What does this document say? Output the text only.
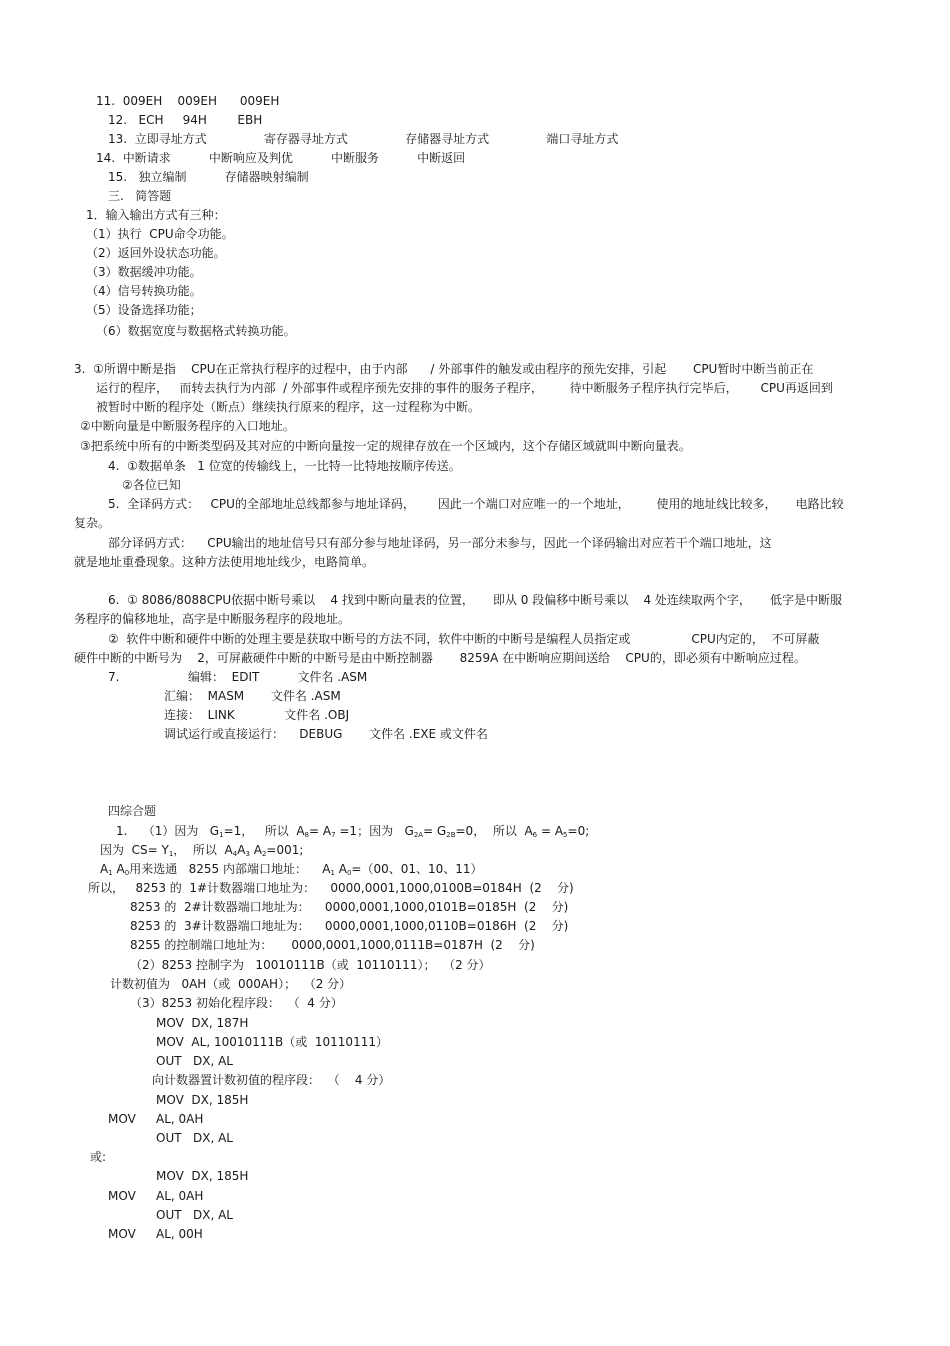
11.  009EH    009EH      009EH
12.   ECH     94H        EBH
13.  立即寻址方式               寄存器寻址方式               存储器寻址方式               端口寻址方式
14.  中断请求          中断响应及判优          中断服务          中断返回
15.   独立编制          存储器映射编制
三.   简答题
1．输入输出方式有三种：
（1）执行  CPU命令功能。
（2）返回外设状态功能。
（3）数据缓冲功能。
（4）信号转换功能。
（5）设备选择功能；
（6）数据宽度与数据格式转换功能。
3.  ①所谓中断是指    CPU在正常执行程序的过程中，由于内部      / 外部事件的触发或由程序的预先安排，引起       CPU暂时中断当前正在
运行的程序，   而转去执行为内部  / 外部事件或程序预先安排的事件的服务子程序，       待中断服务子程序执行完毕后，      CPU再返回到
被暂时中断的程序处（断点）继续执行原来的程序，这一过程称为中断。
②中断向量是中断服务程序的入口地址。
③把系统中所有的中断类型码及其对应的中断向量按一定的规律存放在一个区域内，这个存储区域就叫中断向量表。
4.  ①数据单条   1 位宽的传输线上，一比特一比特地按顺序传送。
②各位已知
5.  全译码方式：   CPU的全部地址总线都参与地址译码，      因此一个端口对应唯一的一个地址，       使用的地址线比较多，     电路比较
复杂。
部分译码方式：    CPU输出的地址信号只有部分参与地址译码，另一部分未参与，因此一个译码输出对应若干个端口地址，这
就是地址重叠现象。这种方法使用地址线少，电路简单。
6.  ① 8086/8088CPU依据中断号乘以    4 找到中断向量表的位置，     即从 0 段偏移中断号乘以    4 处连续取两个字，     低字是中断服
务程序的偏移地址，高字是中断服务程序的段地址。
②  软件中断和硬件中断的处理主要是获取中断号的方法不同，软件中断的中断号是编程人员指定或                CPU内定的，  不可屏蔽
硬件中断的中断号为    2，可屏蔽硬件中断的中断号是由中断控制器       8259A 在中断响应期间送给    CPU的，即必须有中断响应过程。
7.	编辑：  EDIT          文件名 .ASM
汇编：  MASM       文件名 .ASM
连接：  LINK             文件名 .OBJ
调试运行或直接运行：    DEBUG       文件名 .EXE 或文件名
四综合题
1.    （1）因为   $G_1=1$，   所以  $A_8= A_7 =1$；因为   $G_{2A}= G_{2B}=0$，  所以  $A_6 = A_5=0$;
因为  $CS= Y_1$，  所以  $A_4A_3$ $A_2=001$;
$A_1$ $A_0$用来选通   8255 内部端口地址：    $A_1$ $A_0=(00$、01、10、11）
所以，   8253 的  1#计数器端口地址为：    0000,0001,1000,0100B=0184H  (2    分)
8253 的  2#计数器端口地址为：    0000,0001,1000,0101B=0185H  (2    分)
8253 的  3#计数器端口地址为：    0000,0001,1000,0110B=0186H  (2    分)
8255 的控制端口地址为：     0000,0001,1000,0111B=0187H  (2    分)
（2）8253 控制字为   10010111B（或  10110111）；  （2 分）
计数初值为   0AH（或  000AH）；  （2 分）
（3）8253 初始化程序段：  （  4 分）
MOV  DX, 187H
MOV  AL, 10010111B（或  10110111）
OUT   DX, AL
向计数器置计数初值的程序段：  （    4 分）
MOV  DX, 185H
MOV AL, 0AH
OUT   DX, AL
或:
MOV  DX, 185H
MOV AL, 0AH
OUT   DX, AL
MOV AL, 00H
